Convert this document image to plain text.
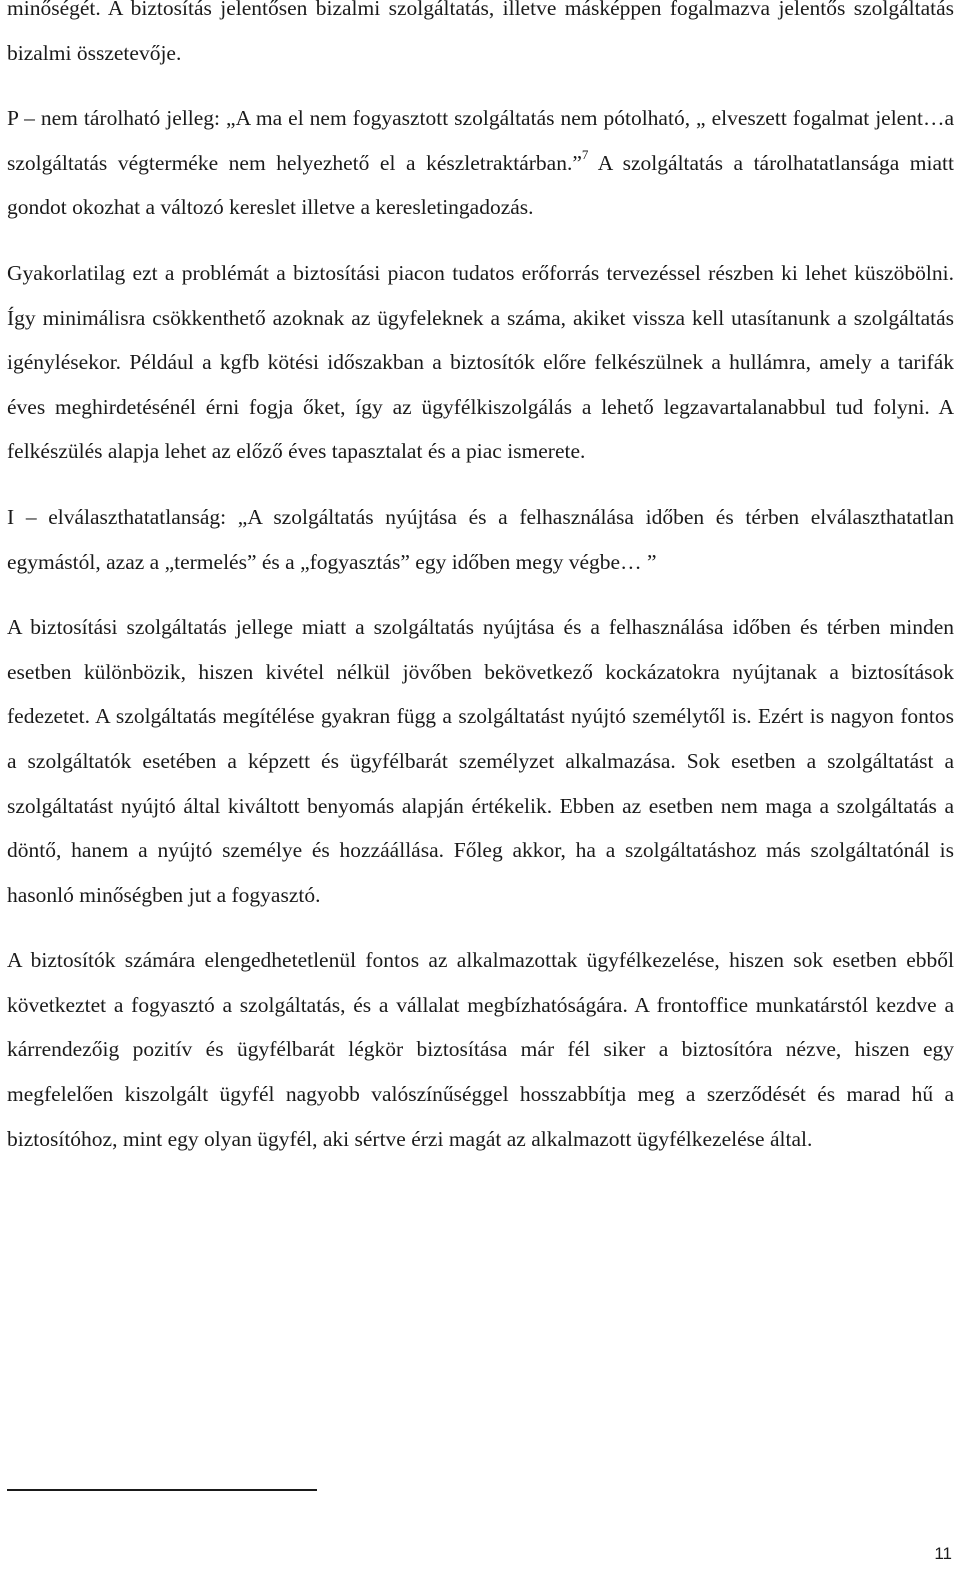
minőségét. A biztosítás jelentősen bizalmi szolgáltatás, illetve másképpen fogalmazva jelentős szolgáltatás bizalmi összetevője.

P – nem tárolható jelleg: „A ma el nem fogyasztott szolgáltatás nem pótolható, „ elveszett fogalmat jelent…a szolgáltatás végterméke nem helyezhető el a készletraktárban.”$^7$ A szolgáltatás a tárolhatatlansága miatt gondot okozhat a változó kereslet illetve a keresletingadozás.

Gyakorlatilag ezt a problémát a biztosítási piacon tudatos erőforrás tervezéssel részben ki lehet küszöbölni. Így minimálisra csökkenthető azoknak az ügyfeleknek a száma, akiket vissza kell utasítanunk a szolgáltatás igénylésekor. Például a kgfb kötési időszakban a biztosítók előre felkészülnek a hullámra, amely a tarifák éves meghirdetésénél érni fogja őket, így az ügyfélkiszolgálás a lehető legzavartalanabbul tud folyni. A felkészülés alapja lehet az előző éves tapasztalat és a piac ismerete.

I – elválaszthatatlanság: „A szolgáltatás nyújtása és a felhasználása időben és térben elválaszthatatlan egymástól, azaz a „termelés” és a „fogyasztás” egy időben megy végbe… ”

A biztosítási szolgáltatás jellege miatt a szolgáltatás nyújtása és a felhasználása időben és térben minden esetben különbözik, hiszen kivétel nélkül jövőben bekövetkező kockázatokra nyújtanak a biztosítások fedezetet. A szolgáltatás megítélése gyakran függ a szolgáltatást nyújtó személytől is. Ezért is nagyon fontos a szolgáltatók esetében a képzett és ügyfélbarát személyzet alkalmazása. Sok esetben a szolgáltatást a szolgáltatást nyújtó által kiváltott benyomás alapján értékelik. Ebben az esetben nem maga a szolgáltatás a döntő, hanem a nyújtó személye és hozzáállása. Főleg akkor, ha a szolgáltatáshoz más szolgáltatónál is hasonló minőségben jut a fogyasztó.

A biztosítók számára elengedhetetlenül fontos az alkalmazottak ügyfélkezelése, hiszen sok esetben ebből következtet a fogyasztó a szolgáltatás, és a vállalat megbízhatóságára. A frontoffice munkatárstól kezdve a kárrendezőig pozitív és ügyfélbarát légkör biztosítása már fél siker a biztosítóra nézve, hiszen egy megfelelően kiszolgált ügyfél nagyobb valószínűséggel hosszabbítja meg a szerződését és marad hű a biztosítóhoz, mint egy olyan ügyfél, aki sértve érzi magát az alkalmazott ügyfélkezelése által.

11
